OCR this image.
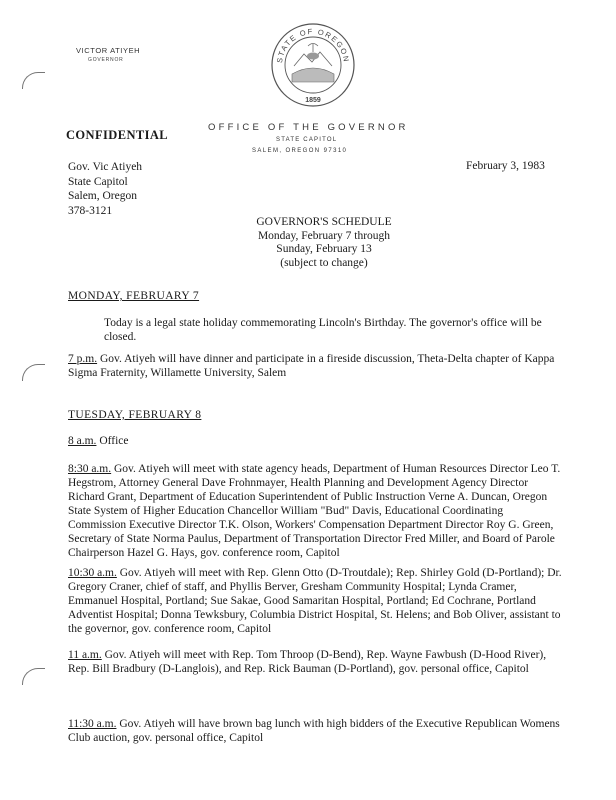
VICTOR ATIYEH
GOVERNOR	STATE OF OREGON
1859
OFFICE OF THE GOVERNOR
STATE CAPITOL
SALEM, OREGON 97310
CONFIDENTIAL
Gov. Vic Atiyeh
State Capitol
Salem, Oregon
378-3121
February 3, 1983
GOVERNOR'S SCHEDULE
Monday, February 7 through
Sunday, February 13
(subject to change)
MONDAY, FEBRUARY 7
Today is a legal state holiday commemorating Lincoln's Birthday. The governor's office will be closed.
7 p.m. Gov. Atiyeh will have dinner and participate in a fireside discussion, Theta-Delta chapter of Kappa Sigma Fraternity, Willamette University, Salem
TUESDAY, FEBRUARY 8
8 a.m. Office
8:30 a.m. Gov. Atiyeh will meet with state agency heads, Department of Human Resources Director Leo T. Hegstrom, Attorney General Dave Frohnmayer, Health Planning and Development Agency Director Richard Grant, Department of Education Superintendent of Public Instruction Verne A. Duncan, Oregon State System of Higher Education Chancellor William "Bud" Davis, Educational Coordinating Commission Executive Director T.K. Olson, Workers' Compensation Department Director Roy G. Green, Secretary of State Norma Paulus, Department of Transportation Director Fred Miller, and Board of Parole Chairperson Hazel G. Hays, gov. conference room, Capitol
10:30 a.m. Gov. Atiyeh will meet with Rep. Glenn Otto (D-Troutdale); Rep. Shirley Gold (D-Portland); Dr. Gregory Craner, chief of staff, and Phyllis Berver, Gresham Community Hospital; Lynda Cramer, Emmanuel Hospital, Portland; Sue Sakae, Good Samaritan Hospital, Portland; Ed Cochrane, Portland Adventist Hospital; Donna Tewksbury, Columbia District Hospital, St. Helens; and Bob Oliver, assistant to the governor, gov. conference room, Capitol
11 a.m. Gov. Atiyeh will meet with Rep. Tom Throop (D-Bend), Rep. Wayne Fawbush (D-Hood River), Rep. Bill Bradbury (D-Langlois), and Rep. Rick Bauman (D-Portland), gov. personal office, Capitol
11:30 a.m. Gov. Atiyeh will have brown bag lunch with high bidders of the Executive Republican Womens Club auction, gov. personal office, Capitol
